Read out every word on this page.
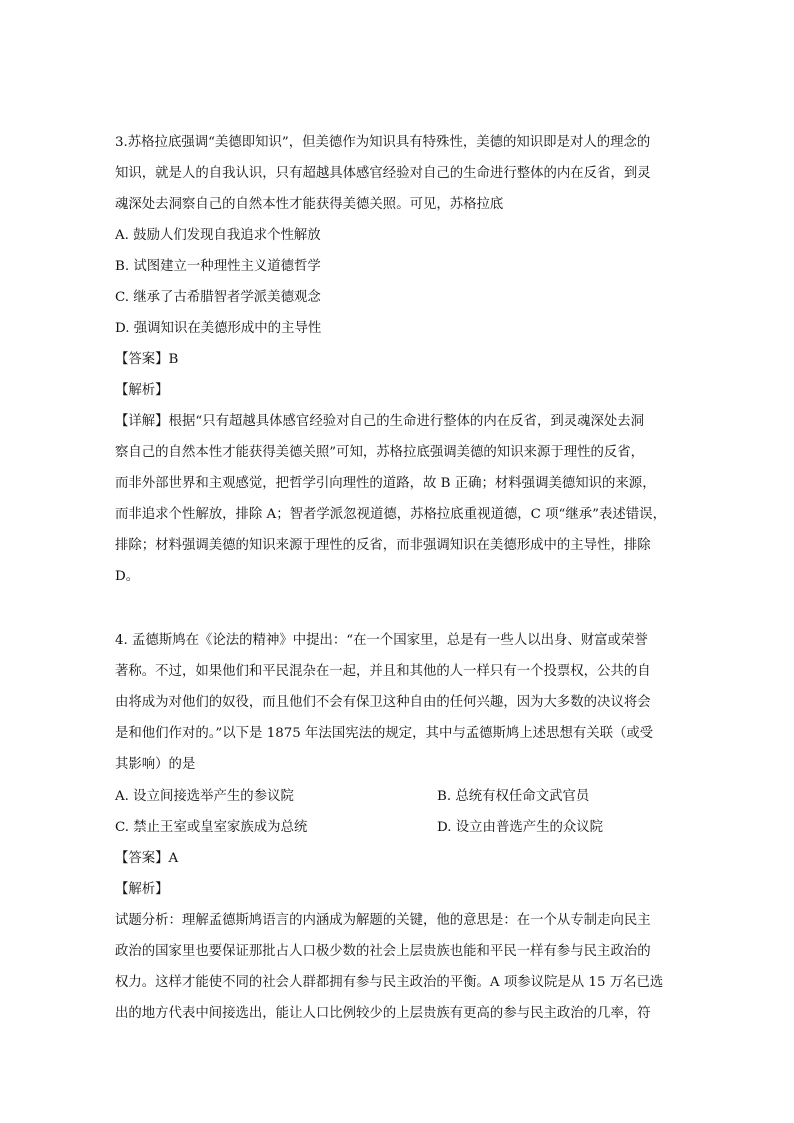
3.苏格拉底强调“美德即知识”，但美德作为知识具有特殊性，美德的知识即是对人的理念的
知识，就是人的自我认识，只有超越具体感官经验对自己的生命进行整体的内在反省，到灵
魂深处去洞察自己的自然本性才能获得美德关照。可见，苏格拉底
A. 鼓励人们发现自我追求个性解放
B. 试图建立一种理性主义道德哲学
C. 继承了古希腊智者学派美德观念
D. 强调知识在美德形成中的主导性
【答案】B
【解析】
【详解】根据“只有超越具体感官经验对自己的生命进行整体的内在反省，到灵魂深处去洞
察自己的自然本性才能获得美德关照”可知，苏格拉底强调美德的知识来源于理性的反省，
而非外部世界和主观感觉，把哲学引向理性的道路，故 B 正确；材料强调美德知识的来源，
而非追求个性解放，排除 A；智者学派忽视道德，苏格拉底重视道德，C 项“继承”表述错误，
排除；材料强调美德的知识来源于理性的反省，而非强调知识在美德形成中的主导性，排除
D。
4. 孟德斯鸠在《论法的精神》中提出：“在一个国家里，总是有一些人以出身、财富或荣誉
著称。不过，如果他们和平民混杂在一起，并且和其他的人一样只有一个投票权，公共的自
由将成为对他们的奴役，而且他们不会有保卫这种自由的任何兴趣，因为大多数的决议将会
是和他们作对的。”以下是 1875 年法国宪法的规定，其中与孟德斯鸠上述思想有关联（或受
其影响）的是
A. 设立间接选举产生的参议院	B. 总统有权任命文武官员
C. 禁止王室或皇室家族成为总统	D. 设立由普选产生的众议院
【答案】A
【解析】
试题分析：理解孟德斯鸠语言的内涵成为解题的关键，他的意思是：在一个从专制走向民主
政治的国家里也要保证那批占人口极少数的社会上层贵族也能和平民一样有参与民主政治的
权力。这样才能使不同的社会人群都拥有参与民主政治的平衡。A 项参议院是从 15 万名已选
出的地方代表中间接选出，能让人口比例较少的上层贵族有更高的参与民主政治的几率，符
